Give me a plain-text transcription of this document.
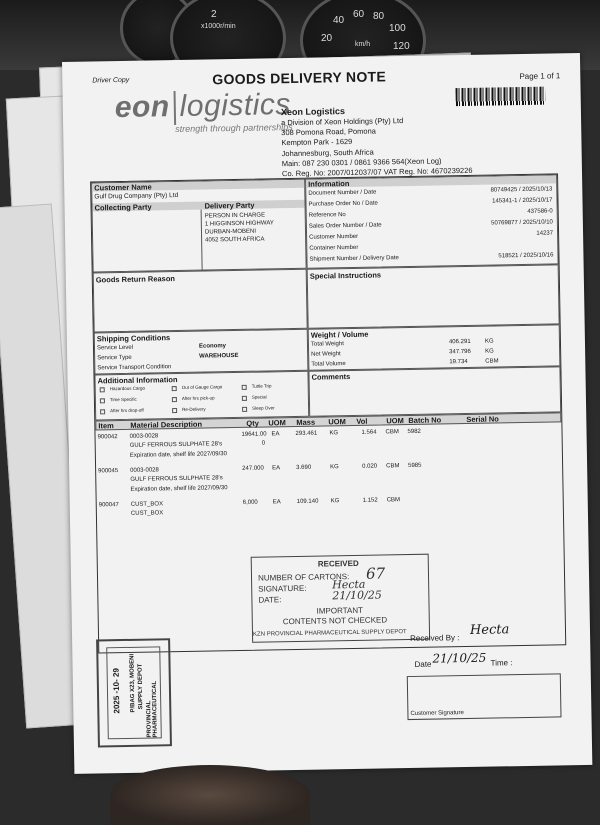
2
x1000r/min
20
40
60 80
100
120
km/h
Driver Copy	GOODS DELIVERY NOTE	Page 1 of 1
eon logistics
strength through partnerships
Xeon Logistics
a Division of Xeon Holdings (Pty) Ltd
308 Pomona Road, Pomona
Kempton Park - 1629
Johannesburg, South Africa
Main: 087 230 0301 / 0861 9366 564(Xeon Log)
Co. Reg. No: 2007/012037/07 VAT Reg. No: 4670239226
Customer Name
Gulf Drug Company (Pty) Ltd
Collecting Party	Delivery Party
PERSON IN CHARGE
1 HIGGINSON HIGHWAY
DURBAN-MOBENI
4052 SOUTH AFRICA
Information
Document Number / Date	80749425 / 2025/10/13
Purchase Order No / Date	145341-1 / 2025/10/17
Reference No
437586-0
Sales Order Number / Date	50769877 / 2025/10/10
Customer Number
14237
Container Number
Shipment Number / Delivery Date	518521 / 2025/10/16
Goods Return Reason	Special Instructions
Shipping Conditions
Service Level	Economy
Service Type	WAREHOUSE
Service Transport Condition
Weight / Volume
Total Weight	406.291 KG
Net Weight	347.796 KG
Total Volume	19.734	CBM
Additional Information
Hazardous Cargo	Out of Gauge Cargo	Tuttle Trip
Time Specific	After hrs pick-up	Special
After hrs drop-off	Re-Delivery	Sleep Over
Comments
Item Material Description	Qty UOM Mass UOM Vol UOM Batch No	Serial No
900042	19641.00 EA	293.461 KG	1.564 CBM 5982
0003-0028
GULF FERROUS SULPHATE 28's
Expiration date, shelf life 2027/09/30
0
900045	247.000 EA	3.690	KG	0.020 CBM 5985
0003-0028
GULF FERROUS SULPHATE 28's
Expiration date, shelf life 2027/09/30
900047	6,000 EA	109.140 KG	1.152 CBM
CUST_BOX
CUST_BOX
RECEIVED
NUMBER OF CARTONS: 67
SIGNATURE: Hecta
DATE:	21/10/25
IMPORTANT
CONTENTS NOT CHECKED
KZN PROVINCIAL PHARMACEUTICAL SUPPLY DEPOT Received By :
Hecta
Date 21/10/25 Time :
Customer Signature
PROVINCIAL PHARMACEUTICAL
SUPPLY DEPOT
P/BAG X23, MOBENI
2025 -10- 29
